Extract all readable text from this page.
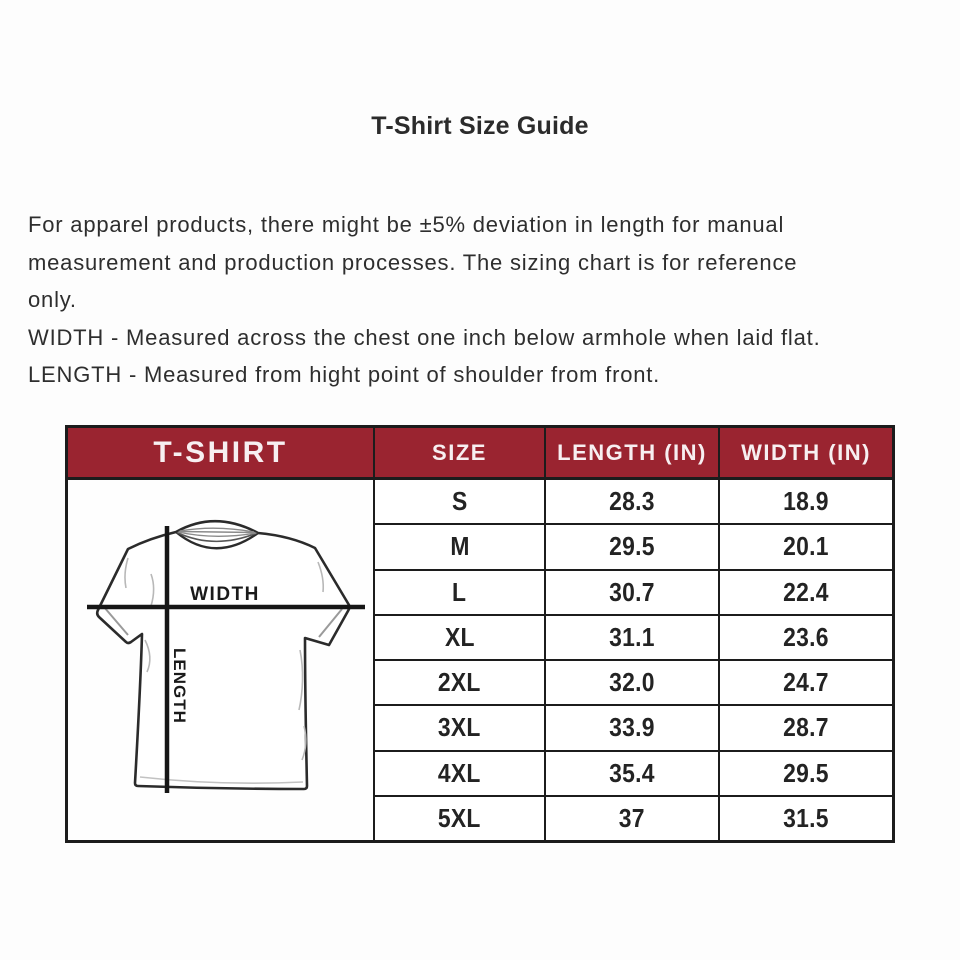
T-Shirt Size Guide
For apparel products, there might be ±5% deviation in length for manual
measurement and production processes. The sizing chart is for reference
only.
WIDTH - Measured across the chest one inch below armhole when laid flat.
LENGTH - Measured from hight point of shoulder from front.
T-SHIRT	SIZE	LENGTH (IN)	WIDTH (IN)
WIDTH
LENGTH
S	28.3	18.9
M	29.5	20.1
L	30.7	22.4
XL	31.1	23.6
2XL	32.0	24.7
3XL	33.9	28.7
4XL	35.4	29.5
5XL	37	31.5
